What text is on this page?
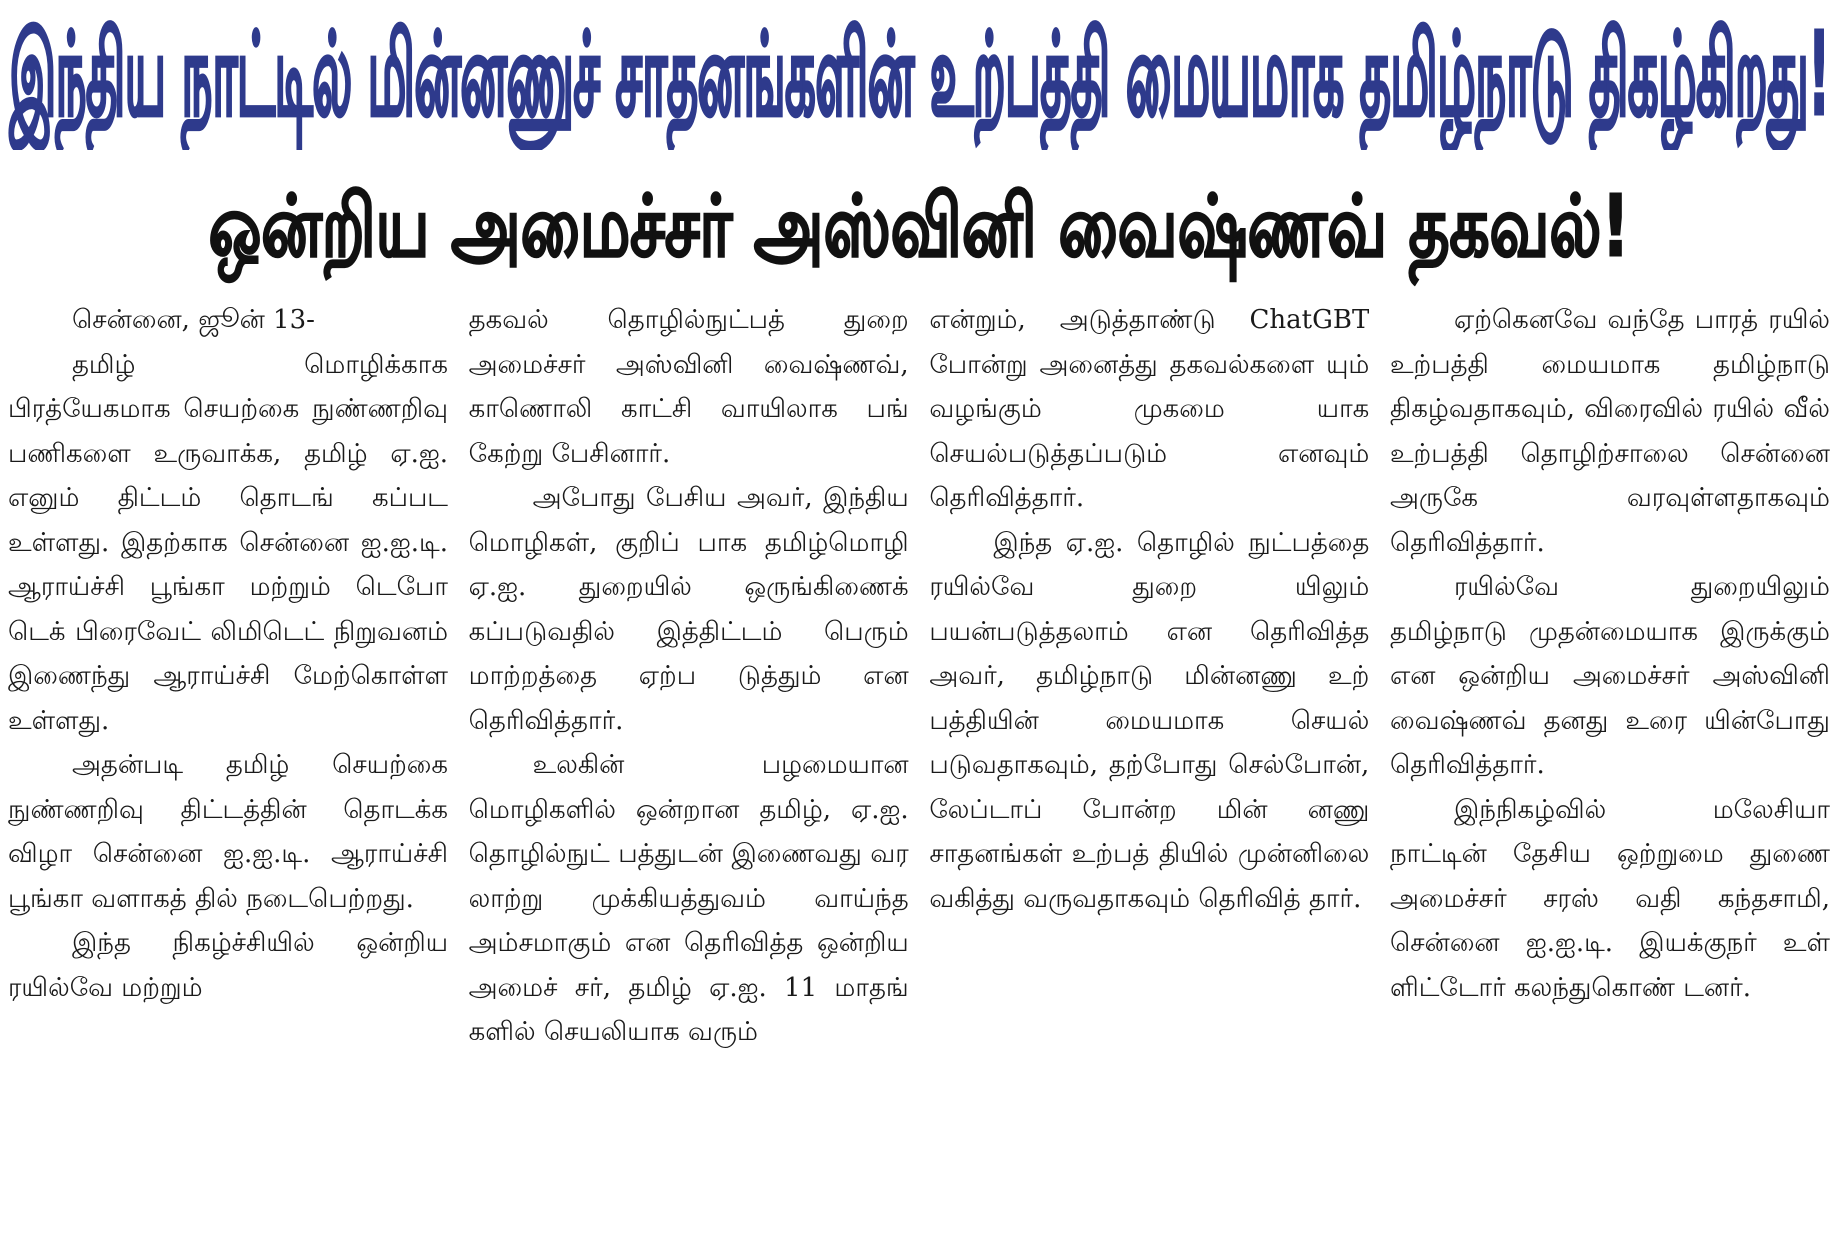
இந்திய நாட்டில் மின்னணுச் சாதனங்களின் உற்பத்தி மையமாக தமிழ்நாடு திகழ்கிறது!
ஒன்றிய அமைச்சர் அஸ்வினி வைஷ்ணவ் தகவல்!

சென்னை, ஜூன் 13-

தமிழ் மொழிக்காக பிரத்யேகமாக செயற்கை நுண்ணறிவு பணிகளை உருவாக்க, தமிழ் ஏ.ஐ. எனும் திட்டம் தொடங் கப்பட உள்ளது. இதற்காக சென்னை ஐ.ஐ.டி. ஆராய்ச்சி பூங்கா மற்றும் டெபோ டெக் பிரைவேட் லிமிடெட் நிறுவனம் இணைந்து ஆராய்ச்சி மேற்கொள்ள உள்ளது.

அதன்படி தமிழ் செயற்கை நுண்ணறிவு திட்டத்தின் தொடக்க விழா சென்னை ஐ.ஐ.டி. ஆராய்ச்சி பூங்கா வளாகத் தில் நடைபெற்றது.

இந்த நிகழ்ச்சியில் ஒன்றிய ரயில்வே மற்றும்

தகவல் தொழில்நுட்பத் துறை அமைச்சர் அஸ்வினி வைஷ்ணவ், காணொலி காட்சி வாயிலாக பங் கேற்று பேசினார்.

அபோது பேசிய அவர், இந்திய மொழிகள், குறிப் பாக தமிழ்மொழி ஏ.ஐ. துறையில் ஒருங்கிணைக் கப்படுவதில் இத்திட்டம் பெரும் மாற்றத்தை ஏற்ப டுத்தும் என தெரிவித்தார்.

உலகின் பழமையான மொழிகளில் ஒன்றான தமிழ், ஏ.ஐ. தொழில்நுட் பத்துடன் இணைவது வர லாற்று முக்கியத்துவம் வாய்ந்த அம்சமாகும் என தெரிவித்த ஒன்றிய அமைச் சர், தமிழ் ஏ.ஐ. 11 மாதங் களில் செயலியாக வரும்

என்றும், அடுத்தாண்டு ChatGBT போன்று அனைத்து தகவல்களை யும் வழங்கும் முகமை யாக செயல்படுத்தப்படும் எனவும் தெரிவித்தார்.

இந்த ஏ.ஐ. தொழில் நுட்பத்தை ரயில்வே துறை யிலும் பயன்படுத்தலாம் என தெரிவித்த அவர், தமிழ்நாடு மின்னணு உற் பத்தியின் மையமாக செயல் படுவதாகவும், தற்போது செல்போன், லேப்டாப் போன்ற மின் னணு சாதனங்கள் உற்பத் தியில் முன்னிலை வகித்து வருவதாகவும் தெரிவித் தார்.

ஏற்கெனவே வந்தே பாரத் ரயில் உற்பத்தி மையமாக தமிழ்நாடு திகழ்வதாகவும், விரைவில் ரயில் வீல் உற்பத்தி தொழிற்சாலை சென்னை அருகே வரவுள்ளதாகவும் தெரிவித்தார்.

ரயில்வே துறையிலும் தமிழ்நாடு முதன்மையாக இருக்கும் என ஒன்றிய அமைச்சர் அஸ்வினி வைஷ்ணவ் தனது உரை யின்போது தெரிவித்தார்.

இந்நிகழ்வில் மலேசியா நாட்டின் தேசிய ஒற்றுமை துணை அமைச்சர் சரஸ் வதி கந்தசாமி, சென்னை ஐ.ஐ.டி. இயக்குநர் உள் ளிட்டோர் கலந்துகொண் டனர்.
